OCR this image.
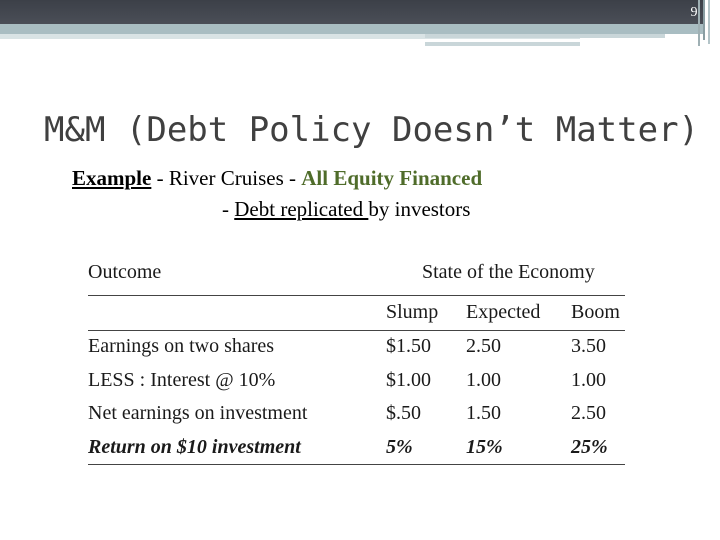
9
M&M (Debt Policy Doesn’t Matter)
Example - River Cruises - All Equity Financed
- Debt replicated by investors
Outcome	State of the Economy
Slump Expected Boom
Earnings on two shares	$1.50 2.50	3.50
LESS : Interest @ 10%	$1.00 1.00	1.00
Net earnings on investment	$.50 1.50	2.50
Return on $10 investment	5%	15%	25%
